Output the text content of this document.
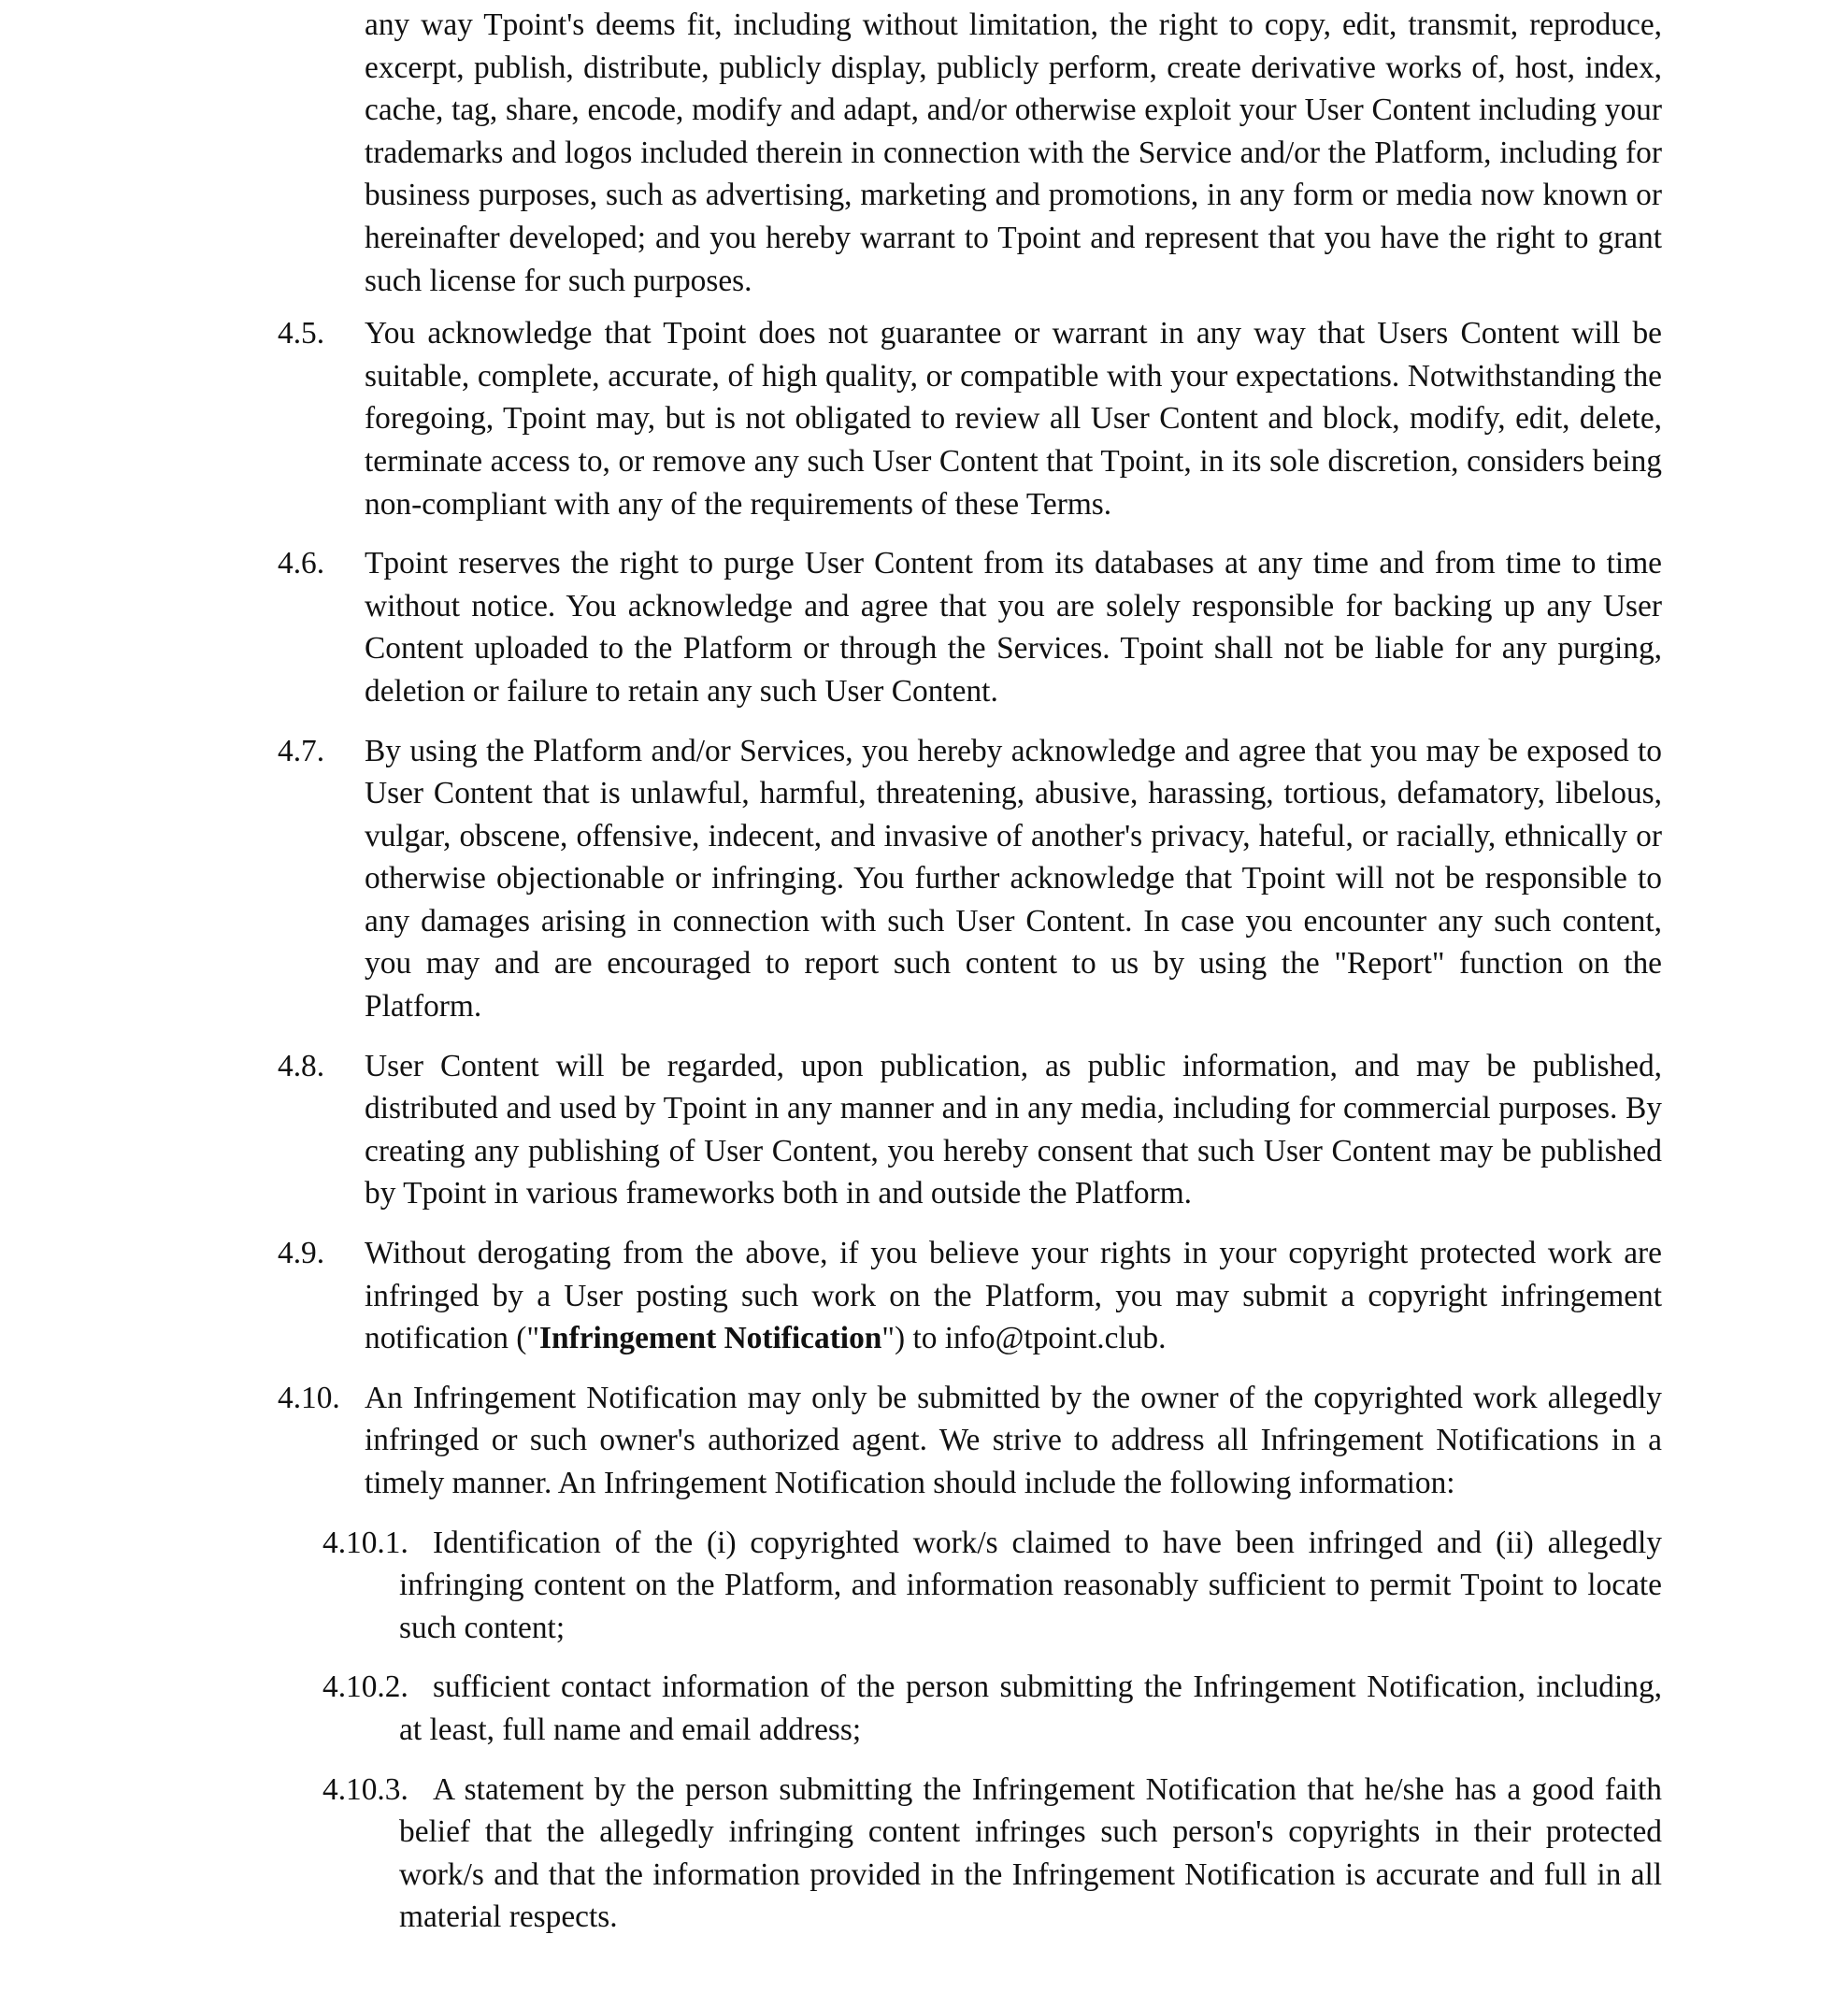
any way Tpoint's deems fit, including without limitation, the right to copy, edit, transmit, reproduce, excerpt, publish, distribute, publicly display, publicly perform, create derivative works of, host, index, cache, tag, share, encode, modify and adapt, and/or otherwise exploit your User Content including your trademarks and logos included therein in connection with the Service and/or the Platform, including for business purposes, such as advertising, marketing and promotions, in any form or media now known or hereinafter developed; and you hereby warrant to Tpoint and represent that you have the right to grant such license for such purposes.

4.5. You acknowledge that Tpoint does not guarantee or warrant in any way that Users Content will be suitable, complete, accurate, of high quality, or compatible with your expectations. Notwithstanding the foregoing, Tpoint may, but is not obligated to review all User Content and block, modify, edit, delete, terminate access to, or remove any such User Content that Tpoint, in its sole discretion, considers being non-compliant with any of the requirements of these Terms.
4.6. Tpoint reserves the right to purge User Content from its databases at any time and from time to time without notice. You acknowledge and agree that you are solely responsible for backing up any User Content uploaded to the Platform or through the Services. Tpoint shall not be liable for any purging, deletion or failure to retain any such User Content.
4.7. By using the Platform and/or Services, you hereby acknowledge and agree that you may be exposed to User Content that is unlawful, harmful, threatening, abusive, harassing, tortious, defamatory, libelous, vulgar, obscene, offensive, indecent, and invasive of another's privacy, hateful, or racially, ethnically or otherwise objectionable or infringing. You further acknowledge that Tpoint will not be responsible to any damages arising in connection with such User Content. In case you encounter any such content, you may and are encouraged to report such content to us by using the "Report" function on the Platform.
4.8. User Content will be regarded, upon publication, as public information, and may be published, distributed and used by Tpoint in any manner and in any media, including for commercial purposes. By creating any publishing of User Content, you hereby consent that such User Content may be published by Tpoint in various frameworks both in and outside the Platform.
4.9. Without derogating from the above, if you believe your rights in your copyright protected work are infringed by a User posting such work on the Platform, you may submit a copyright infringement notification ("Infringement Notification") to info@tpoint.club.
4.10. An Infringement Notification may only be submitted by the owner of the copyrighted work allegedly infringed or such owner's authorized agent. We strive to address all Infringement Notifications in a timely manner. An Infringement Notification should include the following information:
4.10.1. Identification of the (i) copyrighted work/s claimed to have been infringed and (ii) allegedly infringing content on the Platform, and information reasonably sufficient to permit Tpoint to locate such content;
4.10.2. sufficient contact information of the person submitting the Infringement Notification, including, at least, full name and email address;
4.10.3. A statement by the person submitting the Infringement Notification that he/she has a good faith belief that the allegedly infringing content infringes such person's copyrights in their protected work/s and that the information provided in the Infringement Notification is accurate and full in all material respects.
